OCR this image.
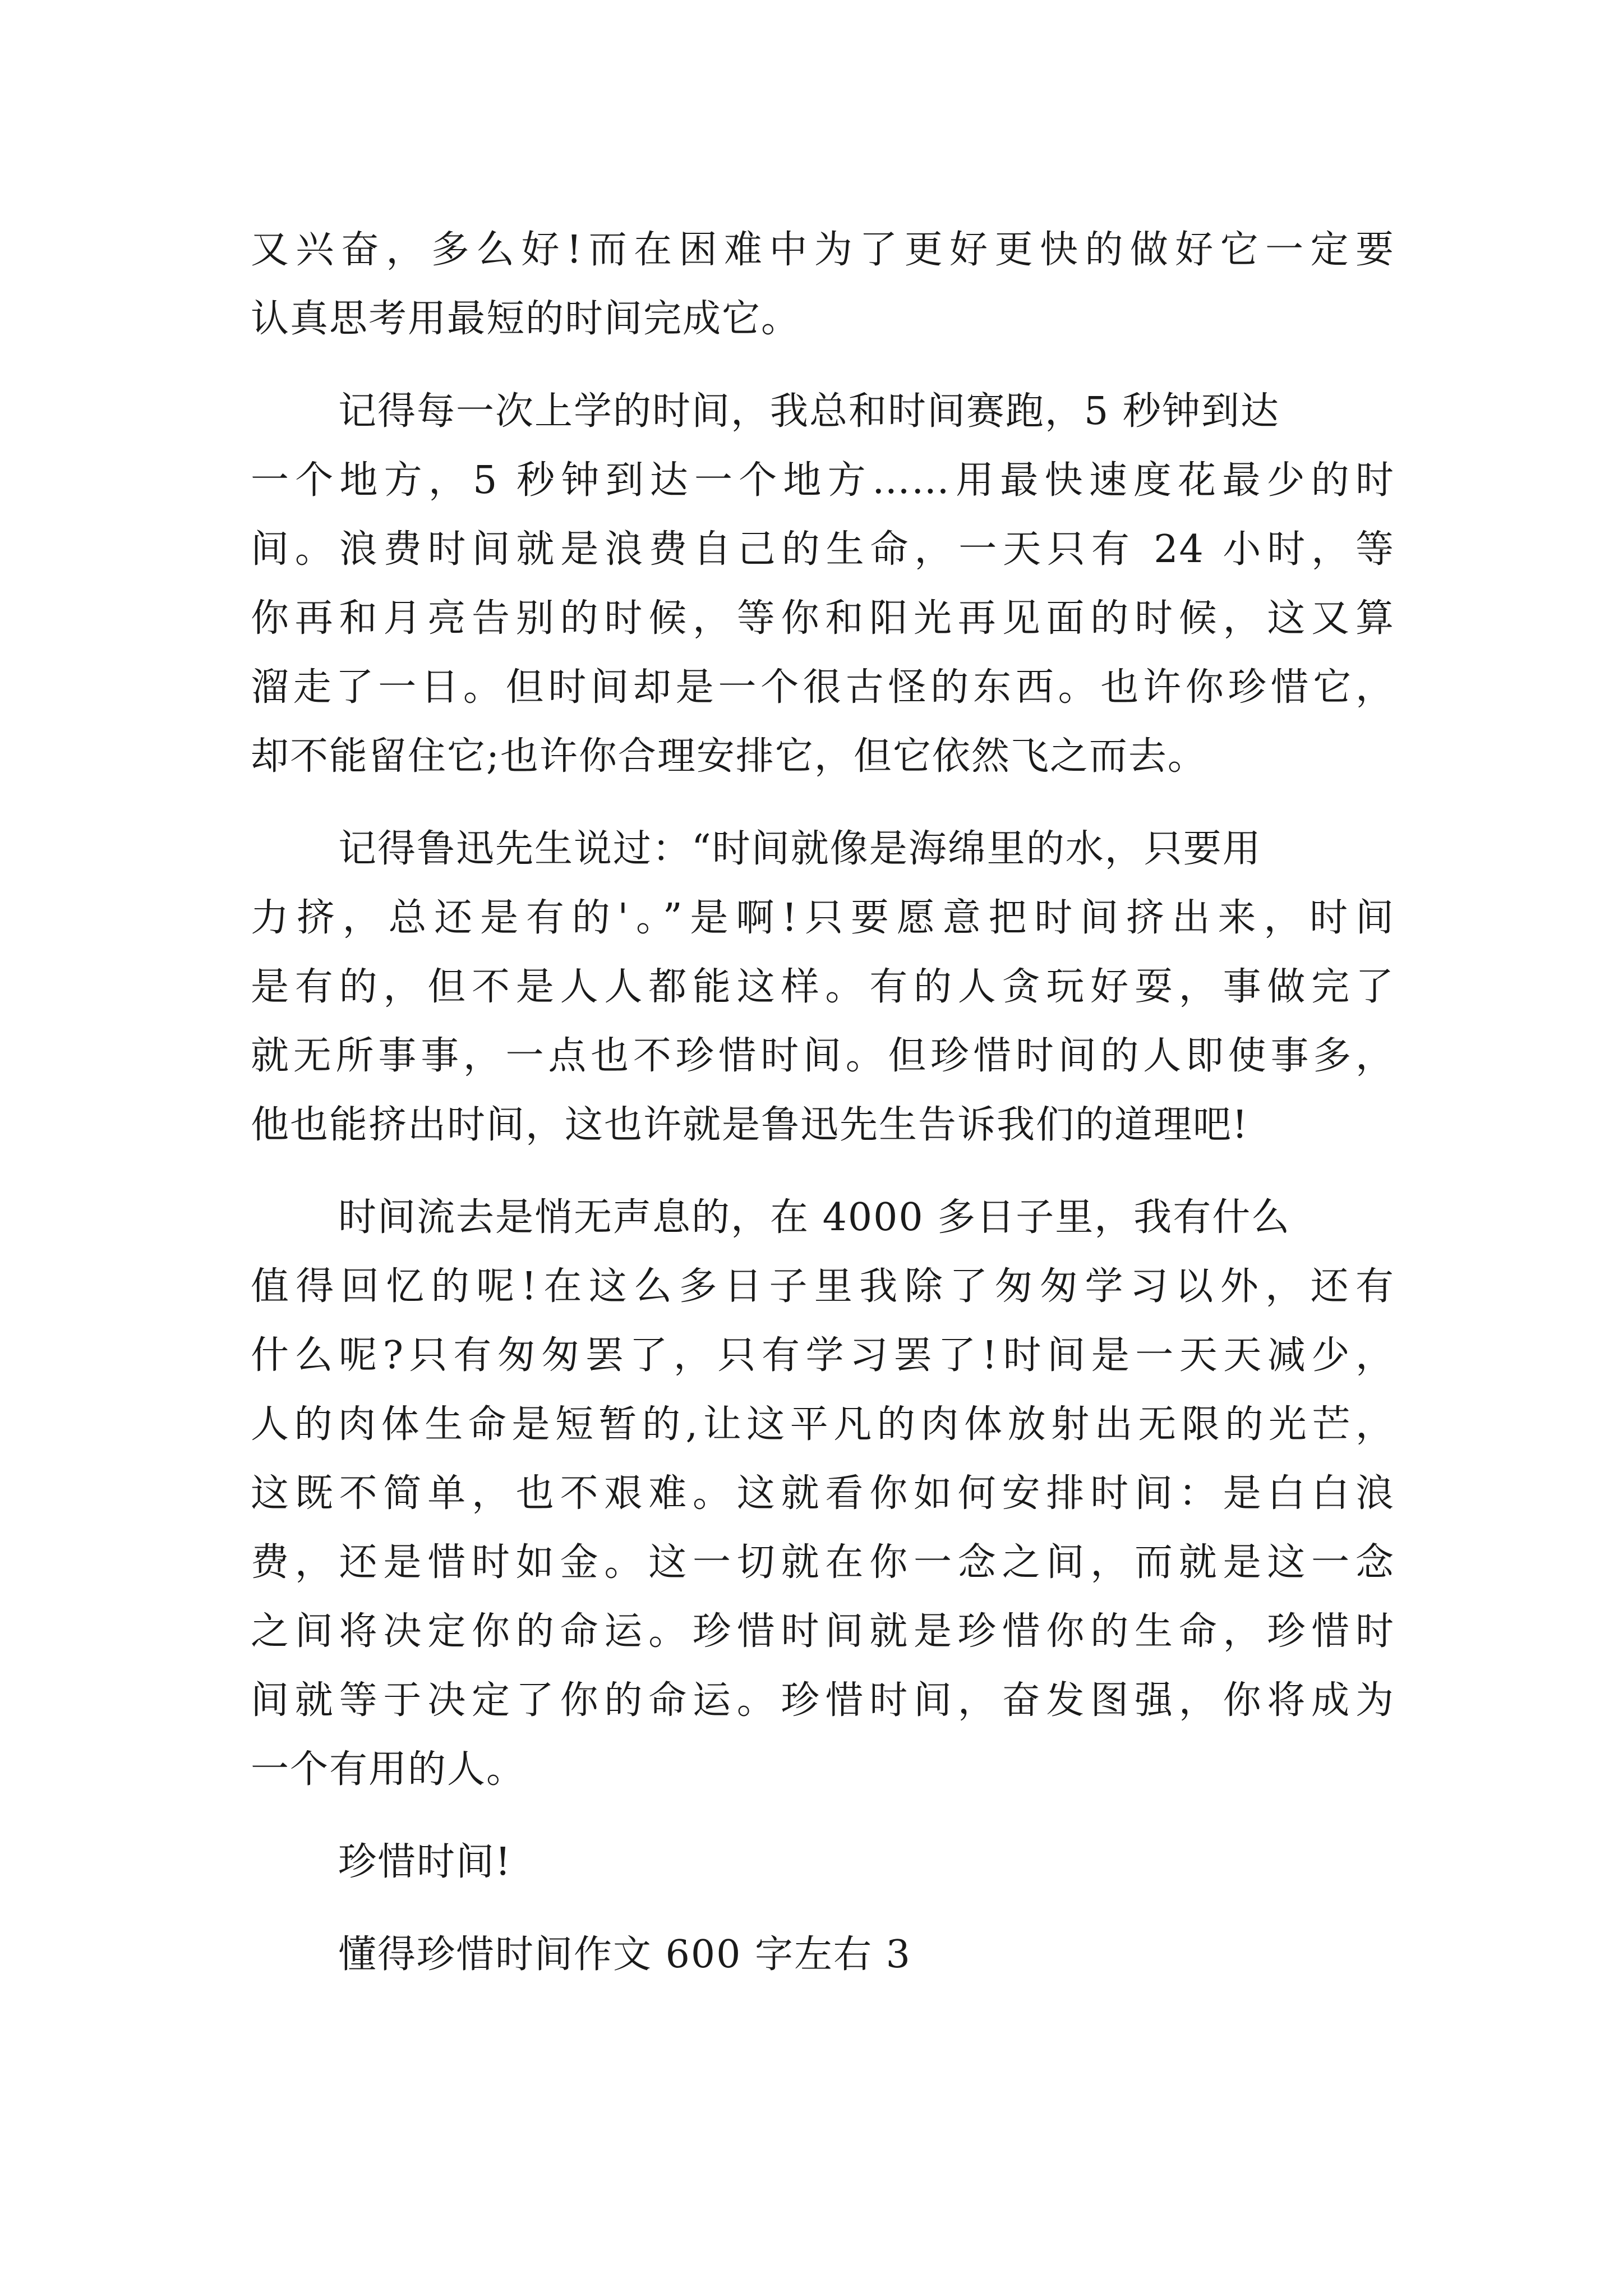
又兴奋，多么好!而在困难中为了更好更快的做好它一定要
认真思考用最短的时间完成它。
记得每一次上学的时间，我总和时间赛跑，5 秒钟到达
一个地方，5 秒钟到达一个地方……用最快速度花最少的时
间。浪费时间就是浪费自己的生命，一天只有 24 小时，等
你再和月亮告别的时候，等你和阳光再见面的时候，这又算
溜走了一日。但时间却是一个很古怪的东西。也许你珍惜它，
却不能留住它;也许你合理安排它，但它依然飞之而去。
记得鲁迅先生说过：“时间就像是海绵里的水，只要用
力挤，总还是有的'。”是啊!只要愿意把时间挤出来，时间
是有的，但不是人人都能这样。有的人贪玩好耍，事做完了
就无所事事，一点也不珍惜时间。但珍惜时间的人即使事多，
他也能挤出时间，这也许就是鲁迅先生告诉我们的道理吧!
时间流去是悄无声息的，在 4000 多日子里，我有什么
值得回忆的呢!在这么多日子里我除了匆匆学习以外，还有
什么呢?只有匆匆罢了，只有学习罢了!时间是一天天减少，
人的肉体生命是短暂的,让这平凡的肉体放射出无限的光芒，
这既不简单，也不艰难。这就看你如何安排时间：是白白浪
费，还是惜时如金。这一切就在你一念之间，而就是这一念
之间将决定你的命运。珍惜时间就是珍惜你的生命，珍惜时
间就等于决定了你的命运。珍惜时间，奋发图强，你将成为
一个有用的人。
珍惜时间!
懂得珍惜时间作文 600 字左右 3
